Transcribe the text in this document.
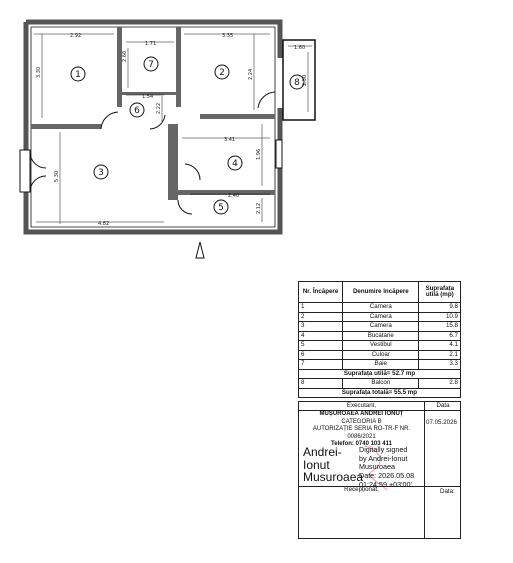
2.92
1.71
3.35
1.60
3.30
2.60
2.24
2.50
1.54
2.22
3.41
1.96
5.30
2.40
2.12
4.82
1
7
2
8
6
3
4
5
Nr. Încăpere	Denumire încăpere	Suprafața utilă (mp)
1	Camera	9.8
2	Camera	10.9
3	Camera	15.8
4	Bucatarie	6.7
5	Vestibul	4.1
6	Culoar	2.1
7	Baie	3.3
Suprafața utilă= 52.7 mp		
8	Balcon	2.8
Suprafața totală= 55.5 mp		
Executant,	Data
MUȘUROAEA ANDREI IONUȚ
CATEGORIA B
AUTORIZAȚIE SERIA RO-TR-F NR. 0086/2021
Telefon: 0740 103 411
07.05.2026
Andrei-Ionut Musuroaea
Digitally signed
by Andrei-Ionut
Musuroaea
Date: 2026.05.08
01:24:59 +03'00'
Recepționat,	Data:
